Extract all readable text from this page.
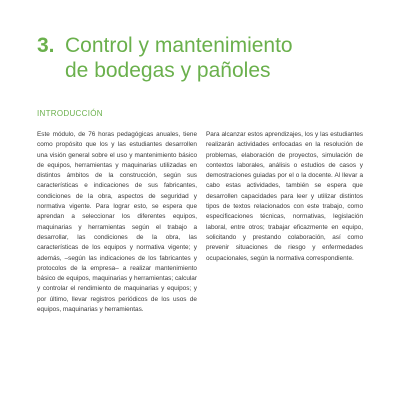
3. Control y mantenimiento
de bodegas y pañoles
INTRODUCCIÓN

Este módulo, de 76 horas pedagógicas anuales, tiene como propósito que los y las estudiantes desarrollen una visión general sobre el uso y mantenimiento básico de equipos, herramientas y maquinarias utilizadas en distintos ámbitos de la construcción, según sus características e indicaciones de sus fabricantes, condiciones de la obra, aspectos de seguridad y normativa vigente. Para lograr esto, se espera que aprendan a seleccionar los diferentes equipos, maquinarias y herramientas según el trabajo a desarrollar, las condiciones de la obra, las características de los equipos y normativa vigente; y además, –según las indicaciones de los fabricantes y protocolos de la empresa– a realizar mantenimiento básico de equipos, maquinarias y herramientas; calcular y controlar el rendimiento de maquinarias y equipos; y por último, llevar registros periódicos de los usos de equipos, maquinarias y herramientas.

Para alcanzar estos aprendizajes, los y las estudiantes realizarán actividades enfocadas en la resolución de problemas, elaboración de proyectos, simulación de contextos laborales, análisis o estudios de casos y demostraciones guiadas por el o la docente. Al llevar a cabo estas actividades, también se espera que desarrollen capacidades para leer y utilizar distintos tipos de textos relacionados con este trabajo, como especificaciones técnicas, normativas, legislación laboral, entre otros; trabajar eficazmente en equipo, solicitando y prestando colaboración, así como prevenir situaciones de riesgo y enfermedades ocupacionales, según la normativa correspondiente.
